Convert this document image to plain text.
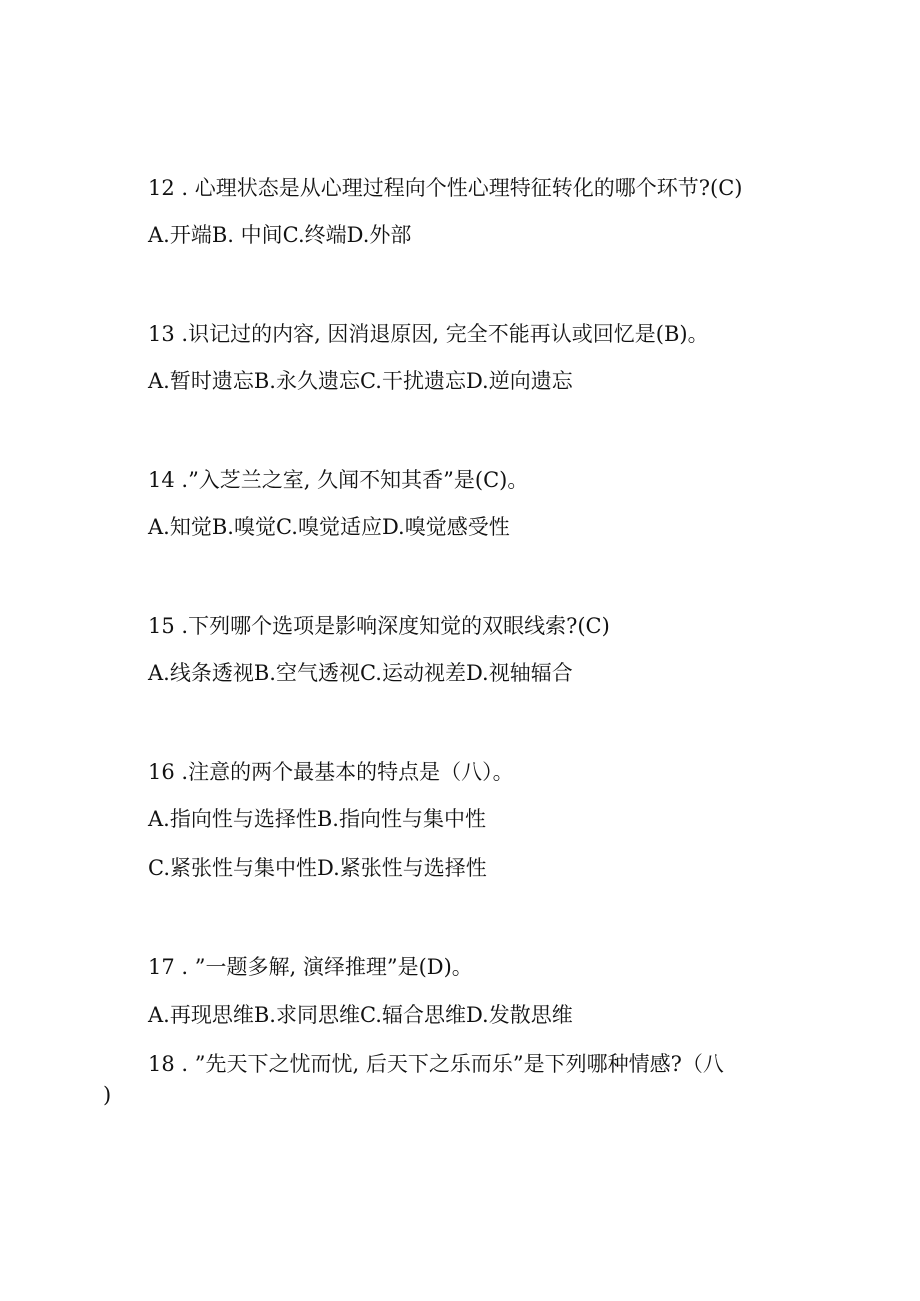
12 . 心理状态是从心理过程向个性心理特征转化的哪个环节?(C)
A.开端B. 中间C.终端D.外部
13 .识记过的内容, 因消退原因, 完全不能再认或回忆是(B)。
A.暂时遗忘B.永久遗忘C.干扰遗忘D.逆向遗忘
14 .”入芝兰之室, 久闻不知其香”是(C)。
A.知觉B.嗅觉C.嗅觉适应D.嗅觉感受性
15 .下列哪个选项是影响深度知觉的双眼线索?(C)
A.线条透视B.空气透视C.运动视差D.视轴辐合
16 .注意的两个最基本的特点是（八）。
A.指向性与选择性B.指向性与集中性
C.紧张性与集中性D.紧张性与选择性
17 . ”一题多解, 演绎推理”是(D)。
A.再现思维B.求同思维C.辐合思维D.发散思维
18 . ”先天下之忧而忧, 后天下之乐而乐”是下列哪种情感?（八
)
